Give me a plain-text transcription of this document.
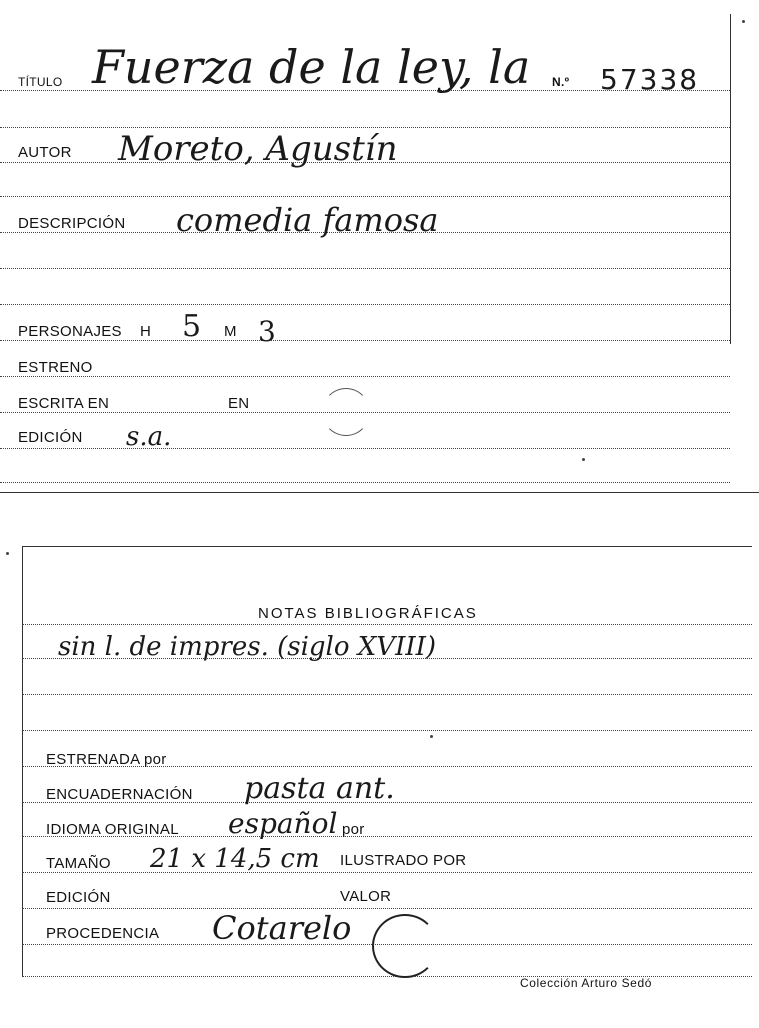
TÍTULO Fuerza de la ley, la N.º 57338
AUTOR Moreto, Agustín
DESCRIPCIÓN comedia famosa
PERSONAJES H 5 M 3
ESTRENO
ESCRITA EN	EN
EDICIÓN s.a.
NOTAS BIBLIOGRÁFICAS
sin l. de impres. (siglo XVIII)
ESTRENADA por
ENCUADERNACIÓN pasta ant.
IDIOMA ORIGINAL español por
TAMAÑO 21 x 14,5 cm ILUSTRADO POR
EDICIÓN	VALOR
PROCEDENCIA Cotarelo
Colección Arturo Sedó
